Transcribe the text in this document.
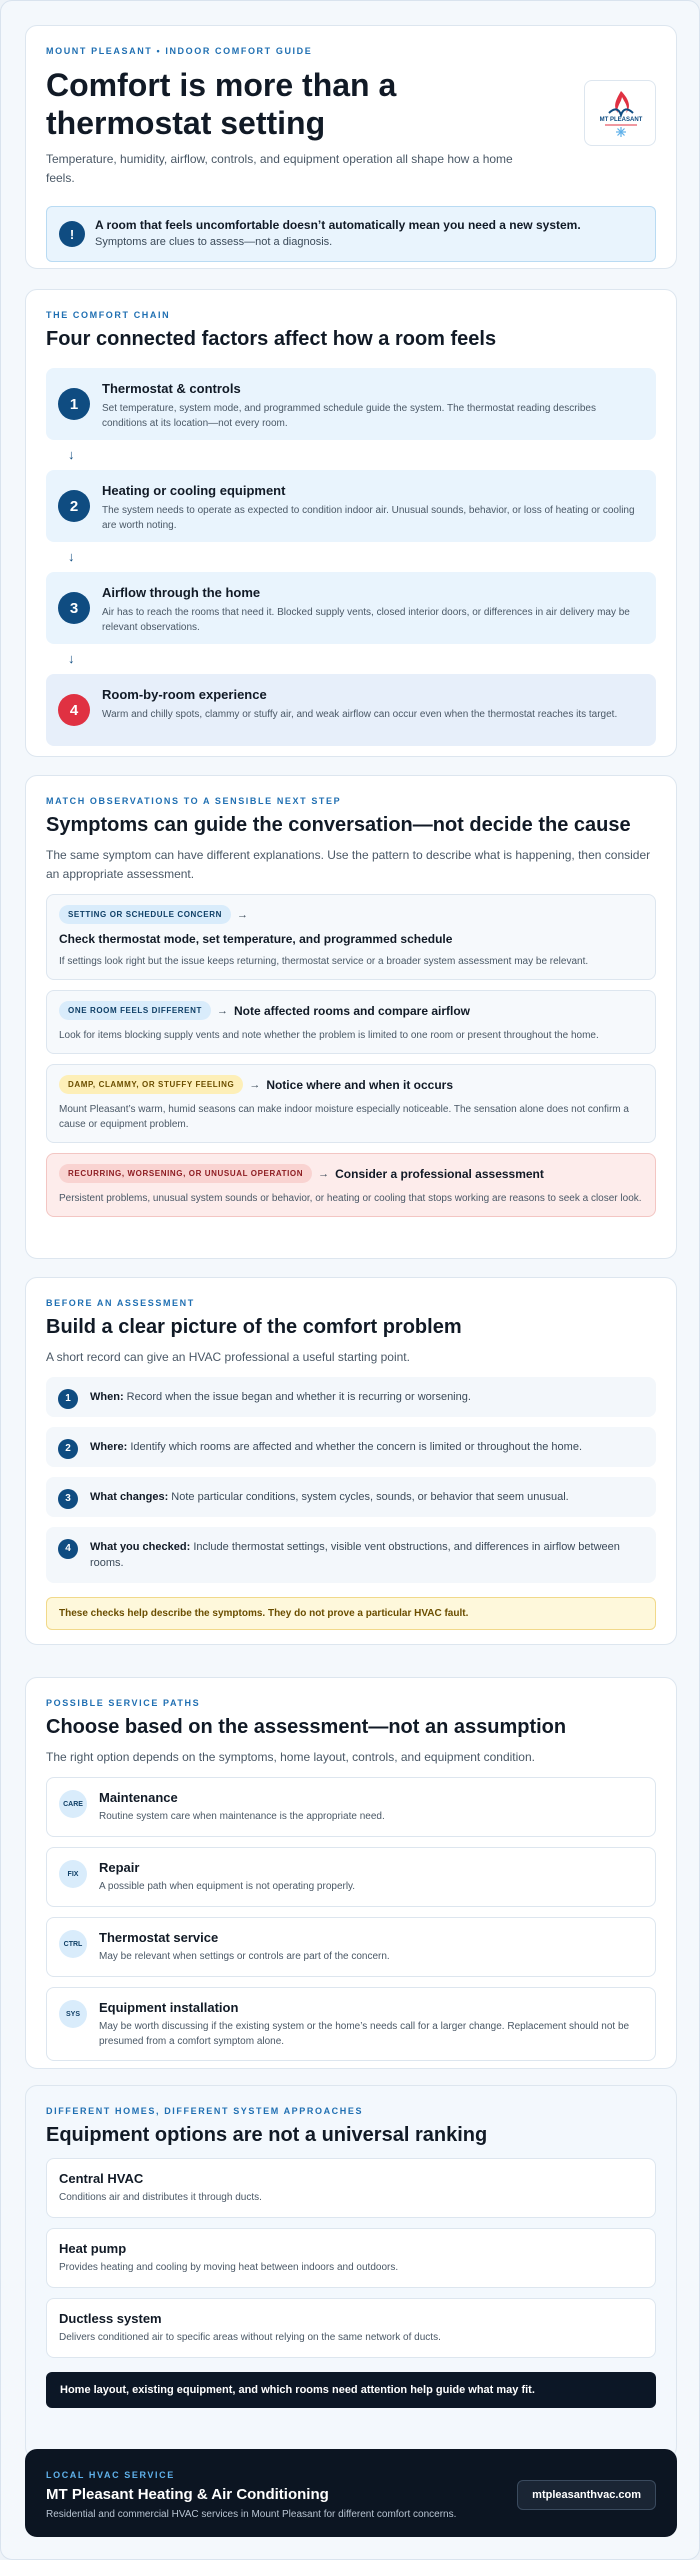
MOUNT PLEASANT • INDOOR COMFORT GUIDE
Comfort is more than a thermostat setting

Temperature, humidity, airflow, controls, and equipment operation all shape how a home feels.

MT PLEASANT
!
A room that feels uncomfortable doesn’t automatically mean you need a new system.
Symptoms are clues to assess—not a diagnosis.
THE COMFORT CHAIN
Four connected factors affect how a room feels
1
Thermostat & controls
Set temperature, system mode, and programmed schedule guide the system. The thermostat reading describes conditions at its location—not every room.
↓
2
Heating or cooling equipment
The system needs to operate as expected to condition indoor air. Unusual sounds, behavior, or loss of heating or cooling are worth noting.
↓
3
Airflow through the home
Air has to reach the rooms that need it. Blocked supply vents, closed interior doors, or differences in air delivery may be relevant observations.
↓
4
Room-by-room experience
Warm and chilly spots, clammy or stuffy air, and weak airflow can occur even when the thermostat reaches its target.
MATCH OBSERVATIONS TO A SENSIBLE NEXT STEP
Symptoms can guide the conversation—not decide the cause

The same symptom can have different explanations. Use the pattern to describe what is happening, then consider an appropriate assessment.

SETTING OR SCHEDULE CONCERN	→
Check thermostat mode, set temperature, and programmed schedule
If settings look right but the issue keeps returning, thermostat service or a broader system assessment may be relevant.
ONE ROOM FEELS DIFFERENT	→ Note affected rooms and compare airflow
Look for items blocking supply vents and note whether the problem is limited to one room or present throughout the home.
DAMP, CLAMMY, OR STUFFY FEELING	→ Notice where and when it occurs
Mount Pleasant’s warm, humid seasons can make indoor moisture especially noticeable. The sensation alone does not confirm a cause or equipment problem.
RECURRING, WORSENING, OR UNUSUAL OPERATION	→ Consider a professional assessment
Persistent problems, unusual system sounds or behavior, or heating or cooling that stops working are reasons to seek a closer look.
BEFORE AN ASSESSMENT
Build a clear picture of the comfort problem

A short record can give an HVAC professional a useful starting point.

1	When: Record when the issue began and whether it is recurring or worsening.
2	Where: Identify which rooms are affected and whether the concern is limited or throughout the home.
3	What changes: Note particular conditions, system cycles, sounds, or behavior that seem unusual.
4	What you checked: Include thermostat settings, visible vent obstructions, and differences in airflow between rooms.
These checks help describe the symptoms. They do not prove a particular HVAC fault.
POSSIBLE SERVICE PATHS
Choose based on the assessment—not an assumption

The right option depends on the symptoms, home layout, controls, and equipment condition.

CARE	Maintenance
Routine system care when maintenance is the appropriate need.
FIX	Repair
A possible path when equipment is not operating properly.
CTRL	Thermostat service
May be relevant when settings or controls are part of the concern.
SYS	Equipment installation
May be worth discussing if the existing system or the home’s needs call for a larger change. Replacement should not be presumed from a comfort symptom alone.
DIFFERENT HOMES, DIFFERENT SYSTEM APPROACHES
Equipment options are not a universal ranking
Central HVAC
Conditions air and distributes it through ducts.
Heat pump
Provides heating and cooling by moving heat between indoors and outdoors.
Ductless system
Delivers conditioned air to specific areas without relying on the same network of ducts.
Home layout, existing equipment, and which rooms need attention help guide what may fit.
LOCAL HVAC SERVICE
MT Pleasant Heating & Air Conditioning
Residential and commercial HVAC services in Mount Pleasant for different comfort concerns.
mtpleasanthvac.com
